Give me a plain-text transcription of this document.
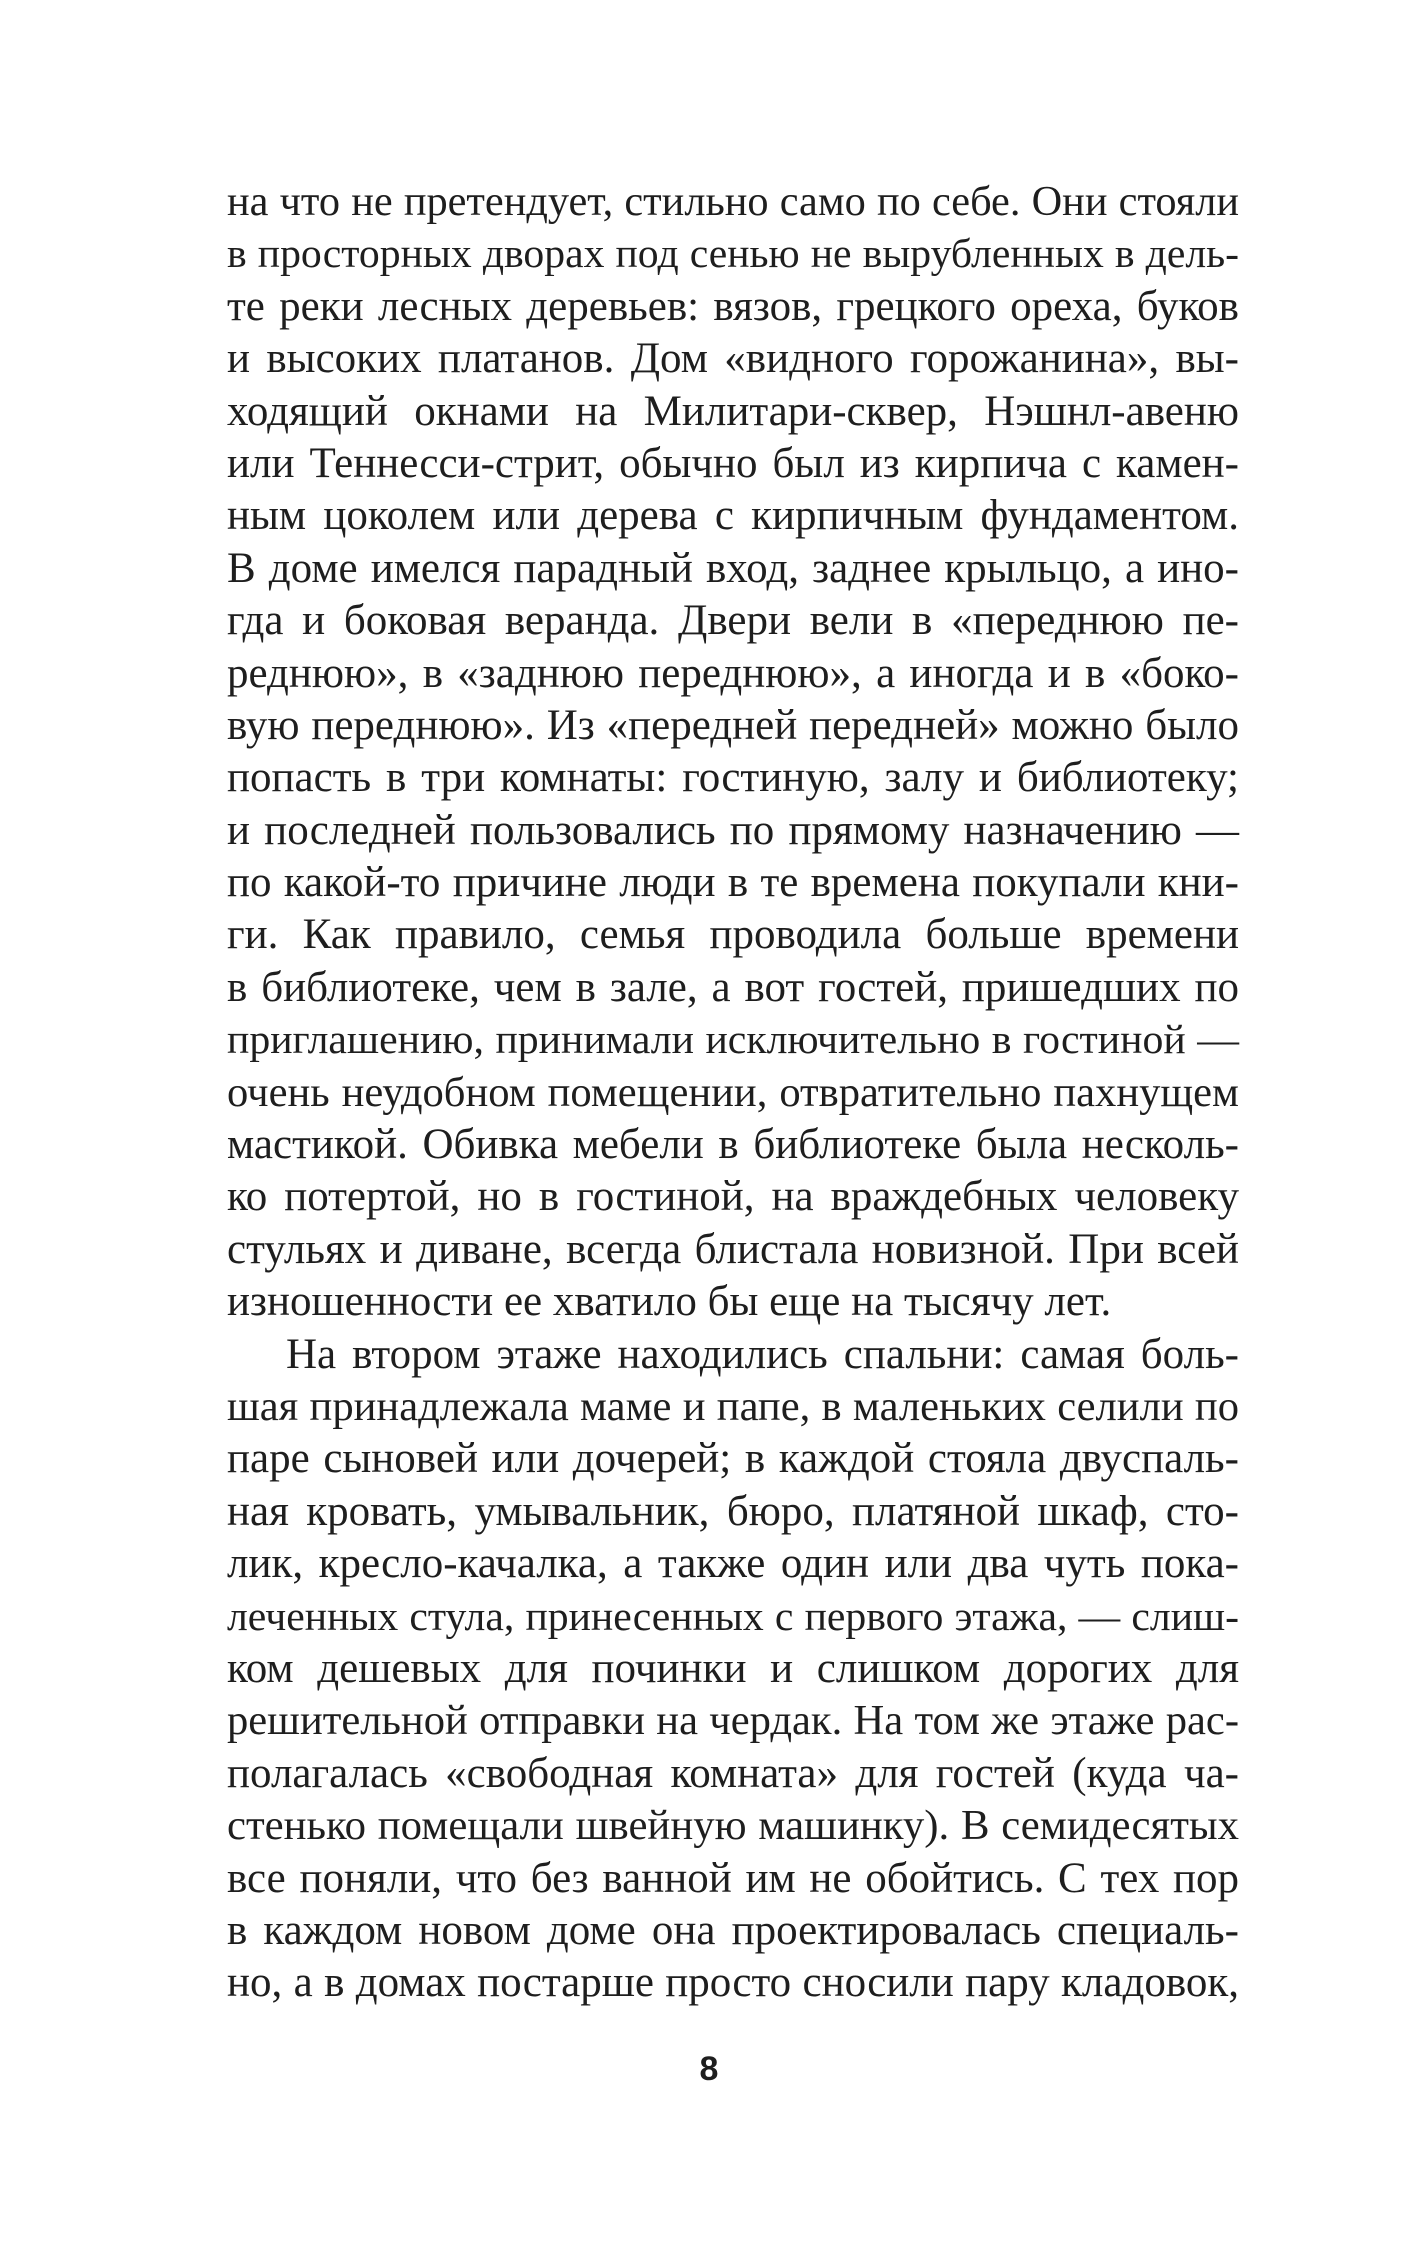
на что не претендует, стильно само по себе. Они стояли
в просторных дворах под сенью не вырубленных в дель-
те реки лесных деревьев: вязов, грецкого ореха, буков
и высоких платанов. Дом «видного горожанина», вы-
ходящий окнами на Милитари-сквер, Нэшнл-авеню
или Теннесси-стрит, обычно был из кирпича с камен-
ным цоколем или дерева с кирпичным фундаментом.
В доме имелся парадный вход, заднее крыльцо, а ино-
гда и боковая веранда. Двери вели в «переднюю пе-
реднюю», в «заднюю переднюю», а иногда и в «боко-
вую переднюю». Из «передней передней» можно было
попасть в три комнаты: гостиную, залу и библиотеку;
и последней пользовались по прямому назначению —
по какой-то причине люди в те времена покупали кни-
ги. Как правило, семья проводила больше времени
в библиотеке, чем в зале, а вот гостей, пришедших по
приглашению, принимали исключительно в гостиной —
очень неудобном помещении, отвратительно пахнущем
мастикой. Обивка мебели в библиотеке была несколь-
ко потертой, но в гостиной, на враждебных человеку
стульях и диване, всегда блистала новизной. При всей
изношенности ее хватило бы еще на тысячу лет.
На втором этаже находились спальни: самая боль-
шая принадлежала маме и папе, в маленьких селили по
паре сыновей или дочерей; в каждой стояла двуспаль-
ная кровать, умывальник, бюро, платяной шкаф, сто-
лик, кресло-качалка, а также один или два чуть пока-
леченных стула, принесенных с первого этажа, — слиш-
ком дешевых для починки и слишком дорогих для
решительной отправки на чердак. На том же этаже рас-
полагалась «свободная комната» для гостей (куда ча-
стенько помещали швейную машинку). В семидесятых
все поняли, что без ванной им не обойтись. С тех пор
в каждом новом доме она проектировалась специаль-
но, а в домах постарше просто сносили пару кладовок,
8
